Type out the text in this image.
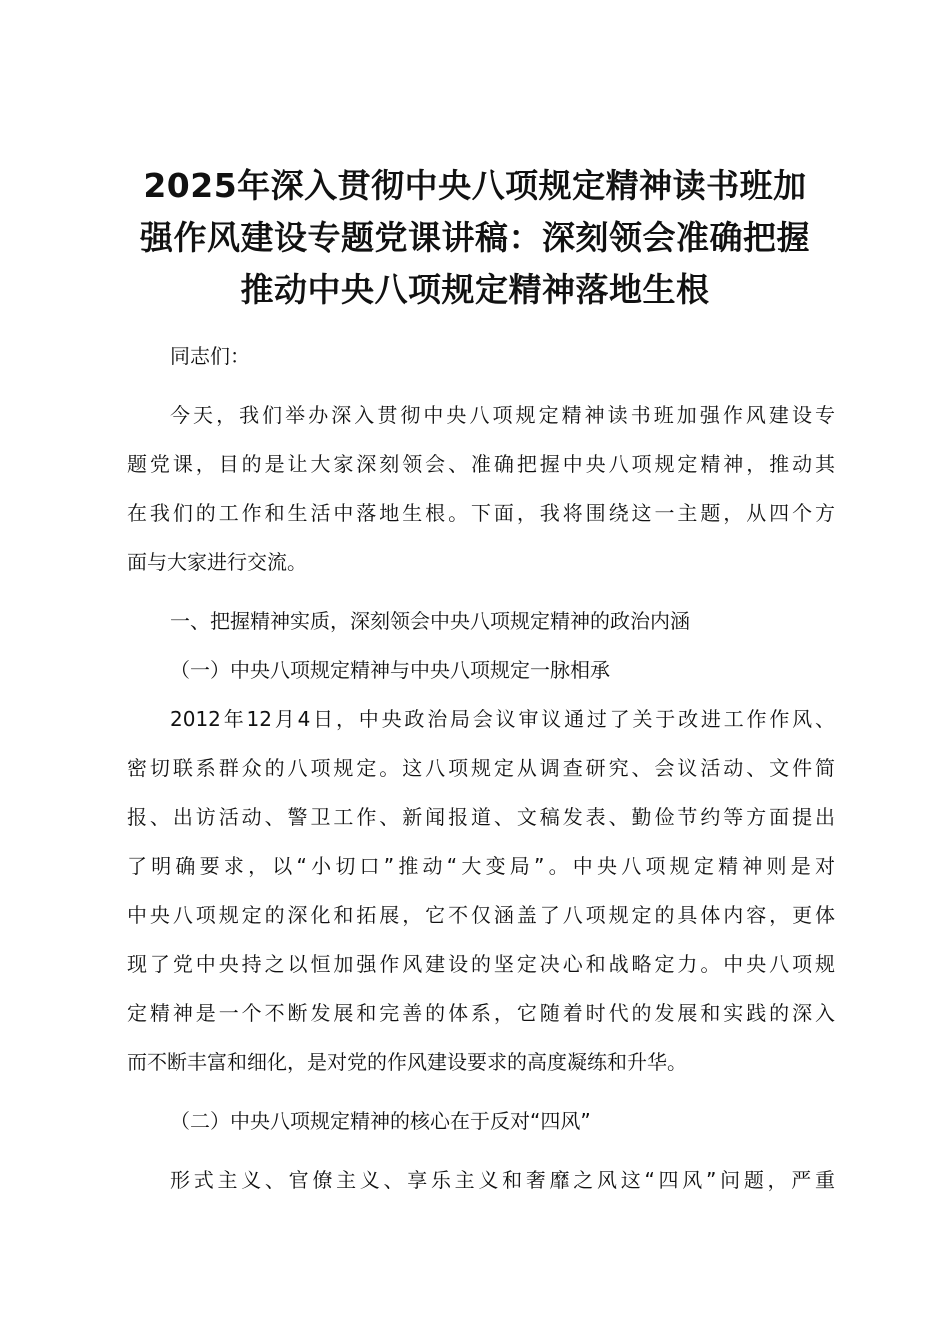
2025年深入贯彻中央八项规定精神读书班加
强作风建设专题党课讲稿：深刻领会准确把握
推动中央八项规定精神落地生根
同志们：
今天，我们举办深入贯彻中央八项规定精神读书班加强作风建设专
题党课，目的是让大家深刻领会、准确把握中央八项规定精神，推动其
在我们的工作和生活中落地生根。下面，我将围绕这一主题，从四个方
面与大家进行交流。
一、把握精神实质，深刻领会中央八项规定精神的政治内涵
（一）中央八项规定精神与中央八项规定一脉相承
2012年12月4日，中央政治局会议审议通过了关于改进工作作风、
密切联系群众的八项规定。这八项规定从调查研究、会议活动、文件简
报、出访活动、警卫工作、新闻报道、文稿发表、勤俭节约等方面提出
了明确要求，以“小切口”推动“大变局”。中央八项规定精神则是对
中央八项规定的深化和拓展，它不仅涵盖了八项规定的具体内容，更体
现了党中央持之以恒加强作风建设的坚定决心和战略定力。中央八项规
定精神是一个不断发展和完善的体系，它随着时代的发展和实践的深入
而不断丰富和细化，是对党的作风建设要求的高度凝练和升华。
（二）中央八项规定精神的核心在于反对“四风”
形式主义、官僚主义、享乐主义和奢靡之风这“四风”问题，严重
